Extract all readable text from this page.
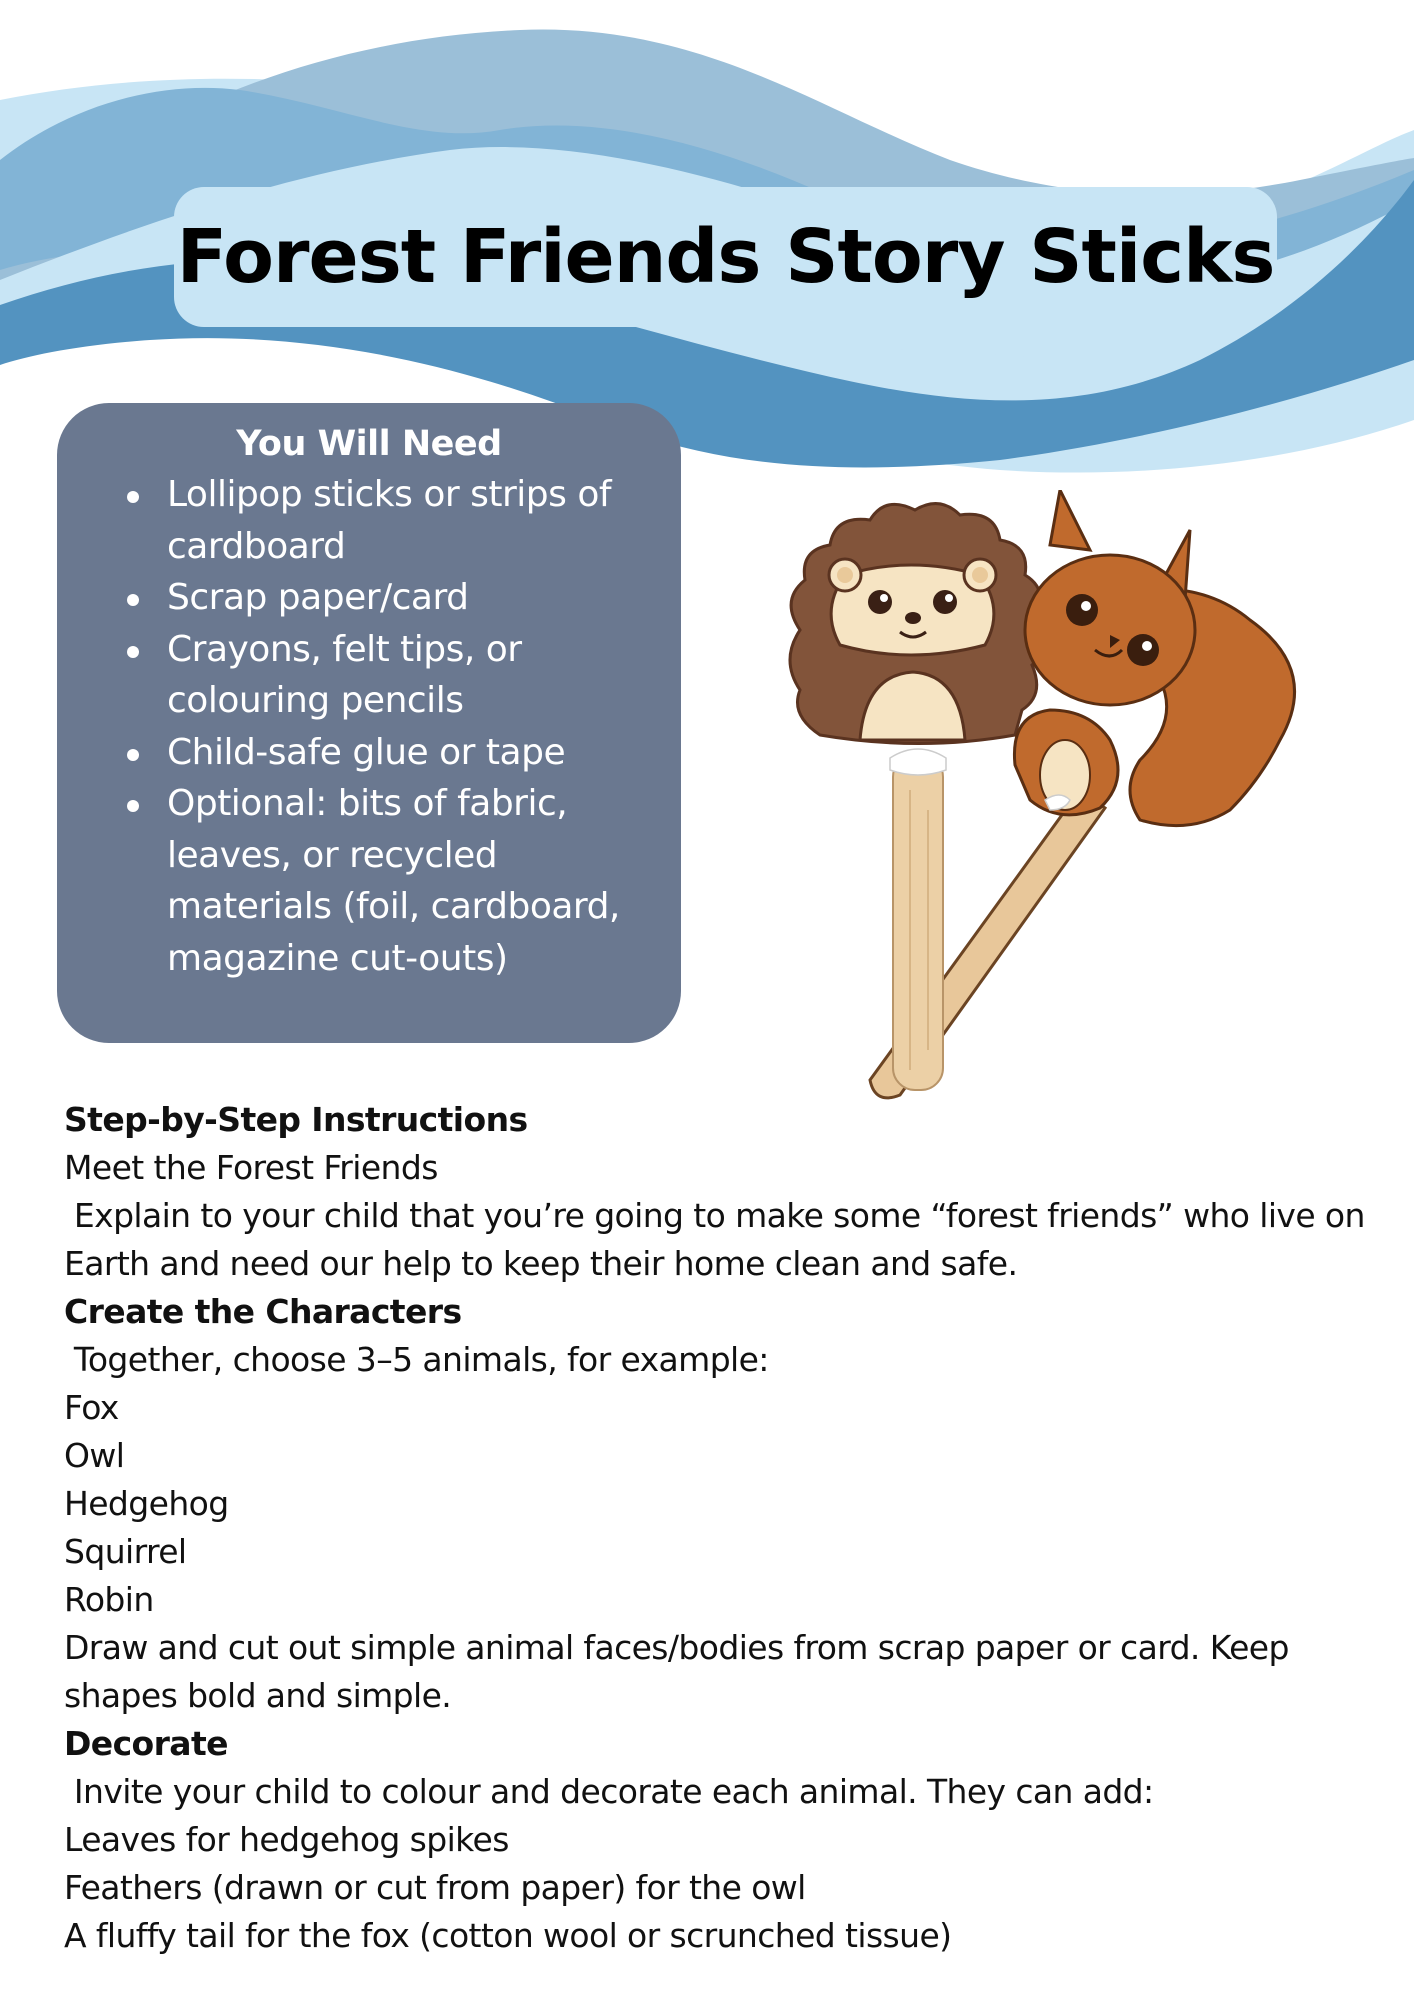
Forest Friends Story Sticks
You Will Need
Lollipop sticks or strips of cardboard
Scrap paper/card
Crayons, felt tips, or colouring pencils
Child-safe glue or tape
Optional: bits of fabric, leaves, or recycled materials (foil, cardboard, magazine cut-outs)

Step-by-Step Instructions

Meet the Forest Friends

Explain to your child that you’re going to make some “forest friends” who live on Earth and need our help to keep their home clean and safe.

Create the Characters

Together, choose 3–5 animals, for example:

Fox

Owl

Hedgehog

Squirrel

Robin

Draw and cut out simple animal faces/bodies from scrap paper or card. Keep shapes bold and simple.

Decorate

Invite your child to colour and decorate each animal. They can add:

Leaves for hedgehog spikes

Feathers (drawn or cut from paper) for the owl

A fluffy tail for the fox (cotton wool or scrunched tissue)
